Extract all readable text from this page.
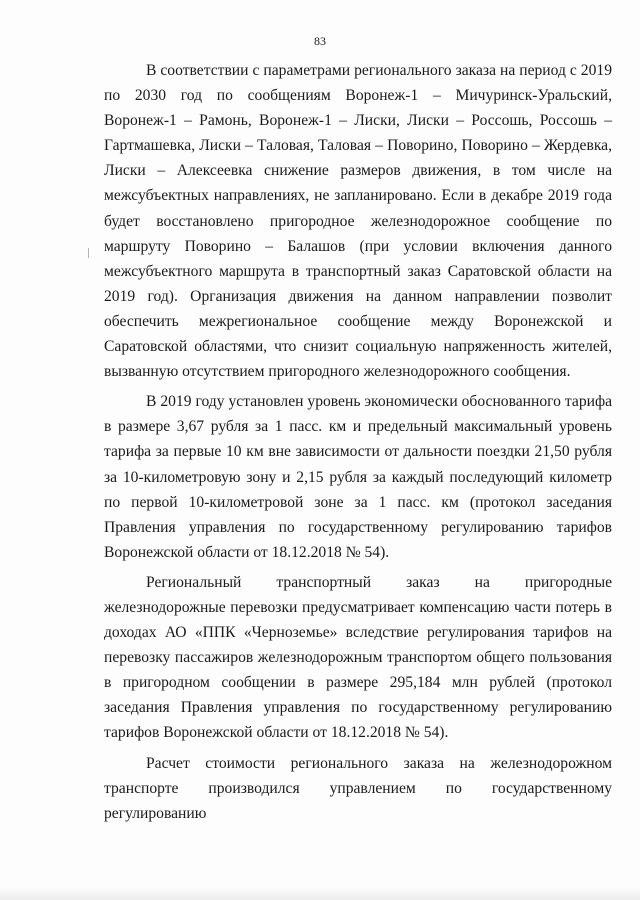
83

В соответствии с параметрами регионального заказа на период с 2019 по 2030 год по сообщениям Воронеж-1 – Мичуринск-Уральский, Воронеж-1 – Рамонь, Воронеж-1 – Лиски, Лиски – Россошь, Россошь – Гартмашевка, Лиски – Таловая, Таловая – Поворино, Поворино – Жердевка, Лиски – Алексеевка снижение размеров движения, в том числе на межсубъектных направлениях, не запланировано. Если в декабре 2019 года будет восстановлено пригородное железнодорожное сообщение по маршруту Поворино – Балашов (при условии включения данного межсубъектного маршрута в транспортный заказ Саратовской области на 2019 год). Организация движения на данном направлении позволит обеспечить межрегиональное сообщение между Воронежской и Саратовской областями, что снизит социальную напряженность жителей, вызванную отсутствием пригородного железнодорожного сообщения.

В 2019 году установлен уровень экономически обоснованного тарифа в размере 3,67 рубля за 1 пасс. км и предельный максимальный уровень тарифа за первые 10 км вне зависимости от дальности поездки 21,50 рубля за 10-километровую зону и 2,15 рубля за каждый последующий километр по первой 10-километровой зоне за 1 пасс. км (протокол заседания Правления управления по государственному регулированию тарифов Воронежской области от 18.12.2018 № 54).

Региональный транспортный заказ на пригородные железнодорожные перевозки предусматривает компенсацию части потерь в доходах АО «ППК «Черноземье» вследствие регулирования тарифов на перевозку пассажиров железнодорожным транспортом общего пользования в пригородном сообщении в размере 295,184 млн рублей (протокол заседания Правления управления по государственному регулированию тарифов Воронежской области от 18.12.2018 № 54).

Расчет стоимости регионального заказа на железнодорожном транспорте производился управлением по государственному регулированию
